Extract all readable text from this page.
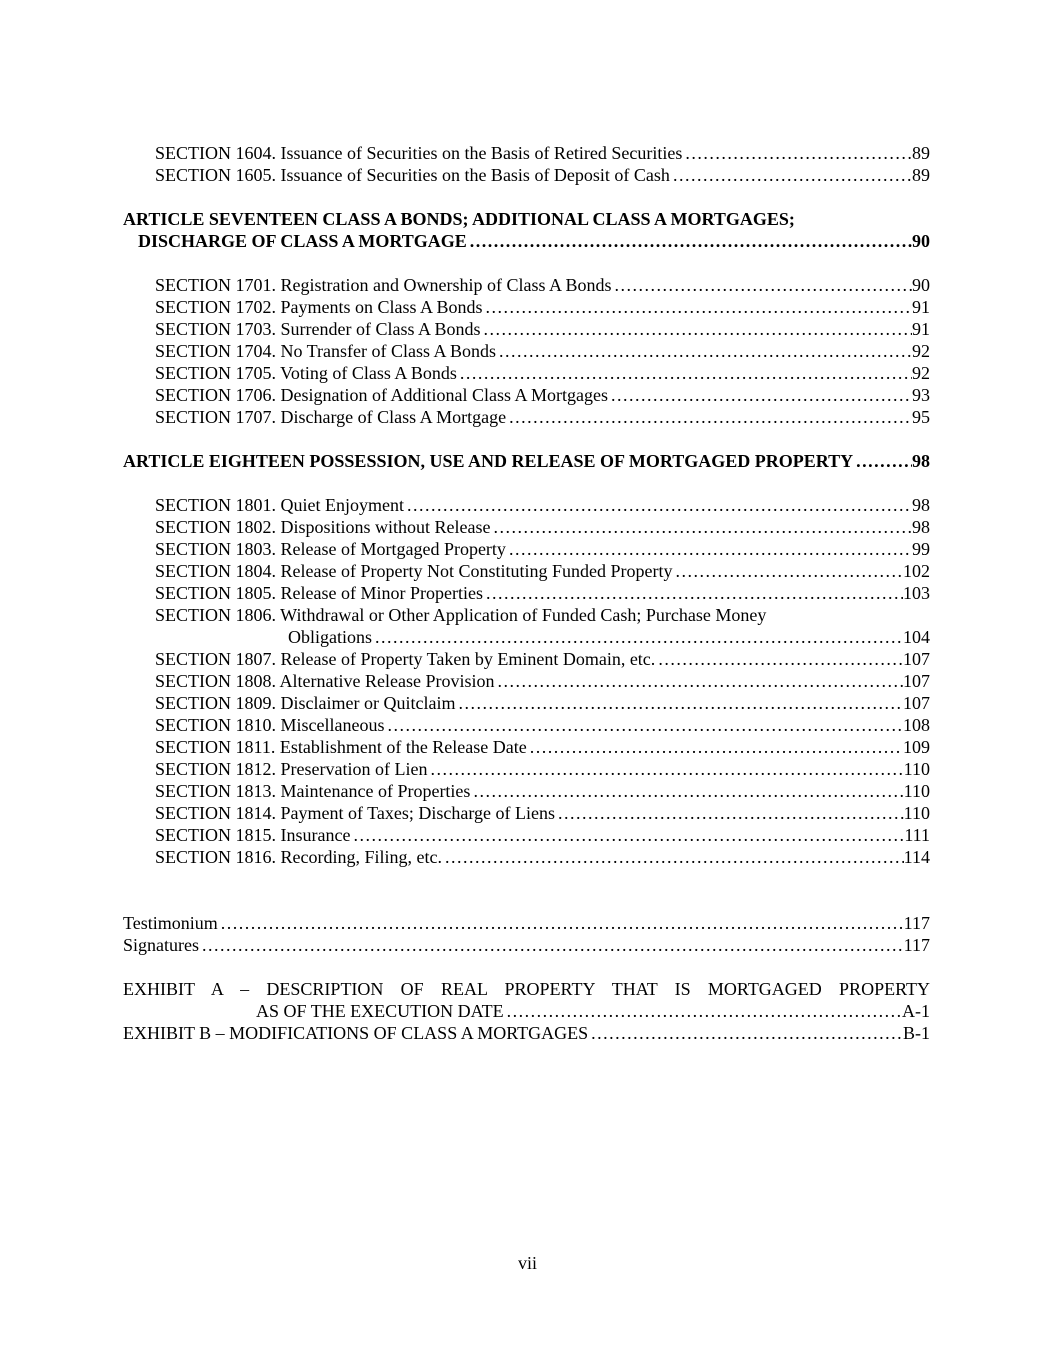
SECTION 1604. Issuance of Securities on the Basis of Retired Securities .....	89
SECTION 1605. Issuance of Securities on the Basis of Deposit of Cash .....	89
ARTICLE SEVENTEEN CLASS A BONDS; ADDITIONAL CLASS A MORTGAGES;
DISCHARGE OF CLASS A MORTGAGE .....	90
SECTION 1701. Registration and Ownership of Class A Bonds .....	90
SECTION 1702. Payments on Class A Bonds .....	91
SECTION 1703. Surrender of Class A Bonds .....	91
SECTION 1704. No Transfer of Class A Bonds .....	92
SECTION 1705. Voting of Class A Bonds .....	92
SECTION 1706. Designation of Additional Class A Mortgages .....	93
SECTION 1707. Discharge of Class A Mortgage .....	95
ARTICLE EIGHTEEN POSSESSION, USE AND RELEASE OF MORTGAGED PROPERTY .....	98
SECTION 1801. Quiet Enjoyment .....	98
SECTION 1802. Dispositions without Release .....	98
SECTION 1803. Release of Mortgaged Property .....	99
SECTION 1804. Release of Property Not Constituting Funded Property .....	102
SECTION 1805. Release of Minor Properties .....	103
SECTION 1806. Withdrawal or Other Application of Funded Cash; Purchase Money
Obligations .....	104
SECTION 1807. Release of Property Taken by Eminent Domain, etc. .....	107
SECTION 1808. Alternative Release Provision .....	107
SECTION 1809. Disclaimer or Quitclaim .....	107
SECTION 1810. Miscellaneous .....	108
SECTION 1811. Establishment of the Release Date .....	109
SECTION 1812. Preservation of Lien .....	110
SECTION 1813. Maintenance of Properties .....	110
SECTION 1814. Payment of Taxes; Discharge of Liens .....	110
SECTION 1815. Insurance .....	111
SECTION 1816. Recording, Filing, etc. .....	114
Testimonium .....	117
Signatures .....	117
EXHIBIT A – DESCRIPTION OF REAL PROPERTY THAT IS MORTGAGED PROPERTY
AS OF THE EXECUTION DATE .....	A-1
EXHIBIT B – MODIFICATIONS OF CLASS A MORTGAGES .....	B-1
vii
